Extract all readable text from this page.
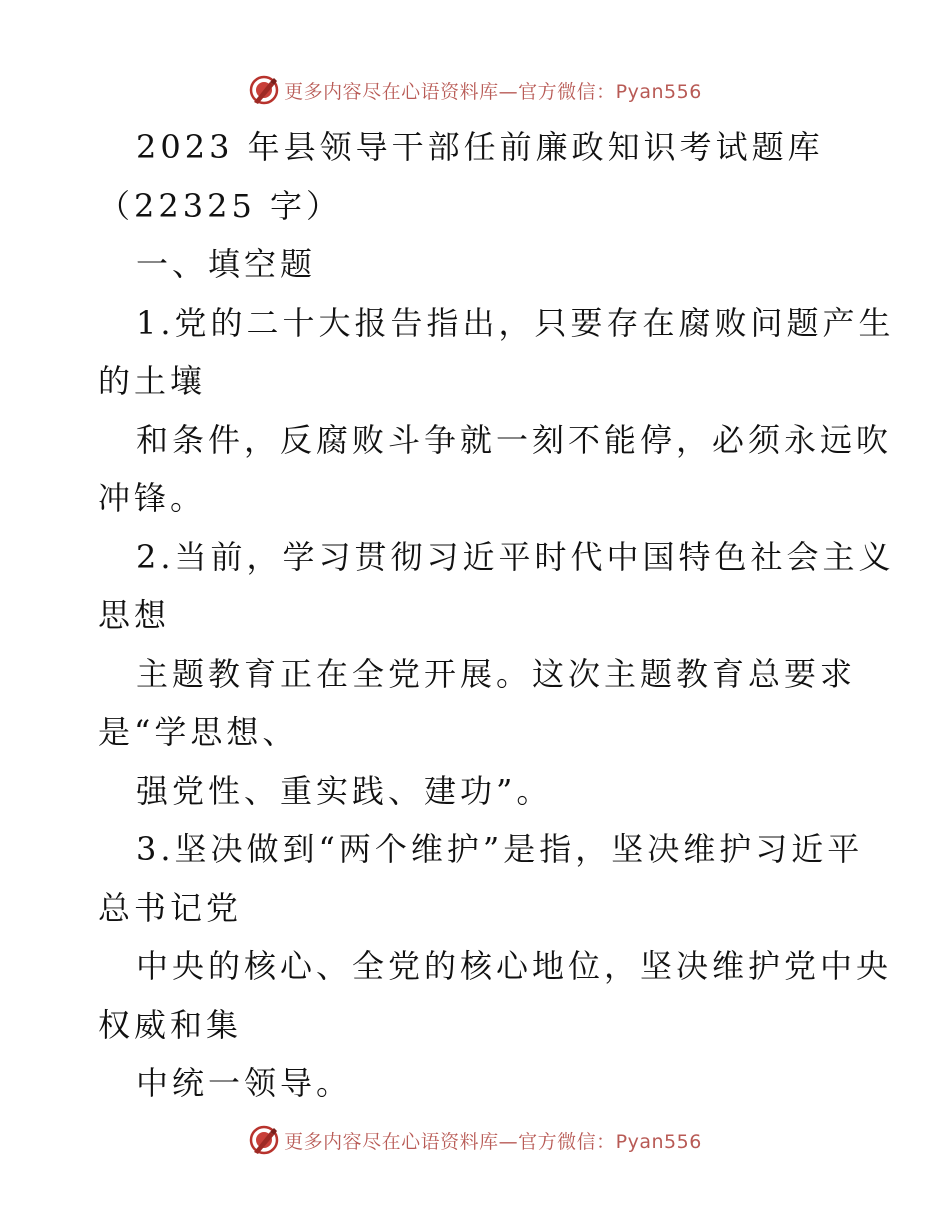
更多内容尽在心语资料库—官方微信：Pyan556
2023 年县领导干部任前廉政知识考试题库
（22325 字）
一、填空题
1.党的二十大报告指出，只要存在腐败问题产生
的土壤
和条件，反腐败斗争就一刻不能停，必须永远吹
冲锋。
2.当前，学习贯彻习近平时代中国特色社会主义
思想
主题教育正在全党开展。这次主题教育总要求
是“学思想、
强党性、重实践、建功”。
3.坚决做到“两个维护”是指，坚决维护习近平
总书记党
中央的核心、全党的核心地位，坚决维护党中央
权威和集
中统一领导。
更多内容尽在心语资料库—官方微信：Pyan556
